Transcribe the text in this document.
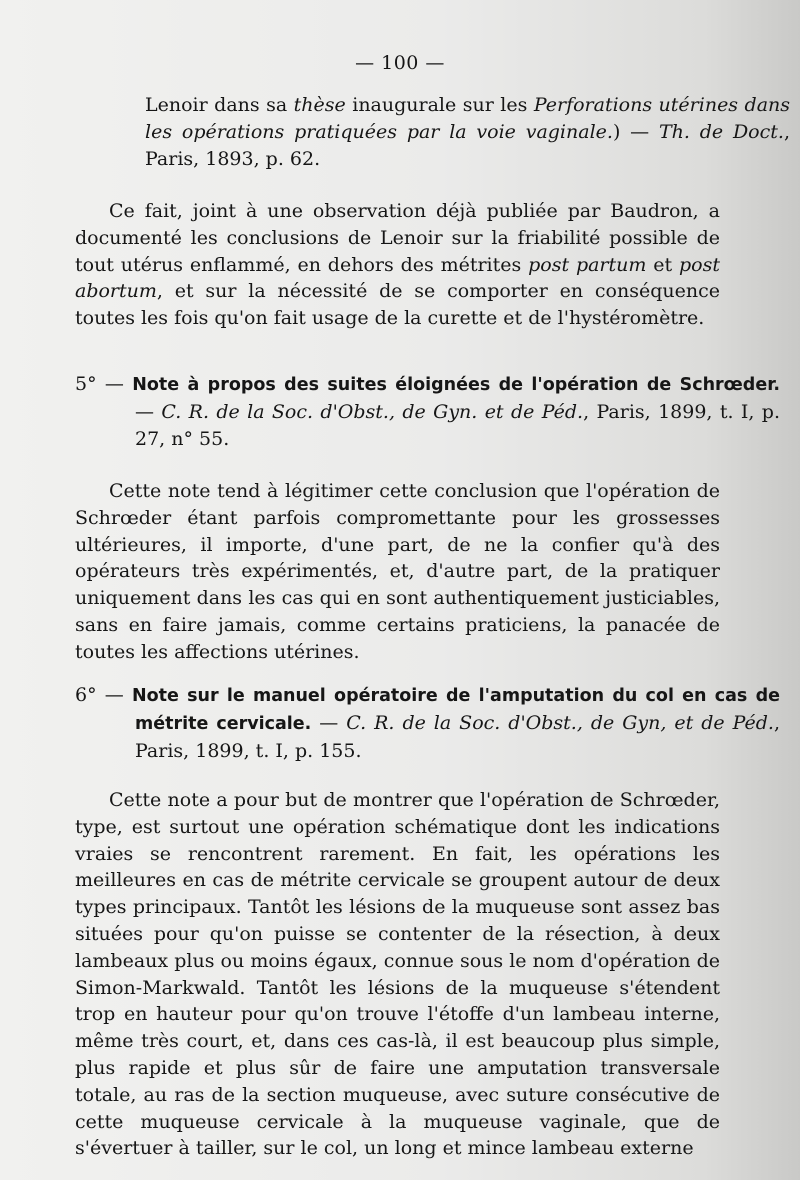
— 100 —
Lenoir dans sa thèse inaugurale sur les Perforations utérines dans les opérations pratiquées par la voie vaginale.) — Th. de Doct., Paris, 1893, p. 62.
Ce fait, joint à une observation déjà publiée par Baudron, a documenté les conclusions de Lenoir sur la friabilité possible de tout utérus enflammé, en dehors des métrites post partum et post abortum, et sur la nécessité de se comporter en conséquence toutes les fois qu'on fait usage de la curette et de l'hystéromètre.
5° — Note à propos des suites éloignées de l'opération de Schrœder. — C. R. de la Soc. d'Obst., de Gyn. et de Péd., Paris, 1899, t. I, p. 27, n° 55.
Cette note tend à légitimer cette conclusion que l'opération de Schrœder étant parfois compromettante pour les grossesses ultérieures, il importe, d'une part, de ne la confier qu'à des opérateurs très expérimentés, et, d'autre part, de la pratiquer uniquement dans les cas qui en sont authentiquement justiciables, sans en faire jamais, comme certains praticiens, la panacée de toutes les affections utérines.
6° — Note sur le manuel opératoire de l'amputation du col en cas de métrite cervicale. — C. R. de la Soc. d'Obst., de Gyn, et de Péd., Paris, 1899, t. I, p. 155.
Cette note a pour but de montrer que l'opération de Schrœder, type, est surtout une opération schématique dont les indications vraies se rencontrent rarement. En fait, les opérations les meilleures en cas de métrite cervicale se groupent autour de deux types principaux. Tantôt les lésions de la muqueuse sont assez bas situées pour qu'on puisse se contenter de la résection, à deux lambeaux plus ou moins égaux, connue sous le nom d'opération de Simon-Markwald. Tantôt les lésions de la muqueuse s'étendent trop en hauteur pour qu'on trouve l'étoffe d'un lambeau interne, même très court, et, dans ces cas-là, il est beaucoup plus simple, plus rapide et plus sûr de faire une amputation transversale totale, au ras de la section muqueuse, avec suture consécutive de cette muqueuse cervicale à la muqueuse vaginale, que de s'évertuer à tailler, sur le col, un long et mince lambeau externe
